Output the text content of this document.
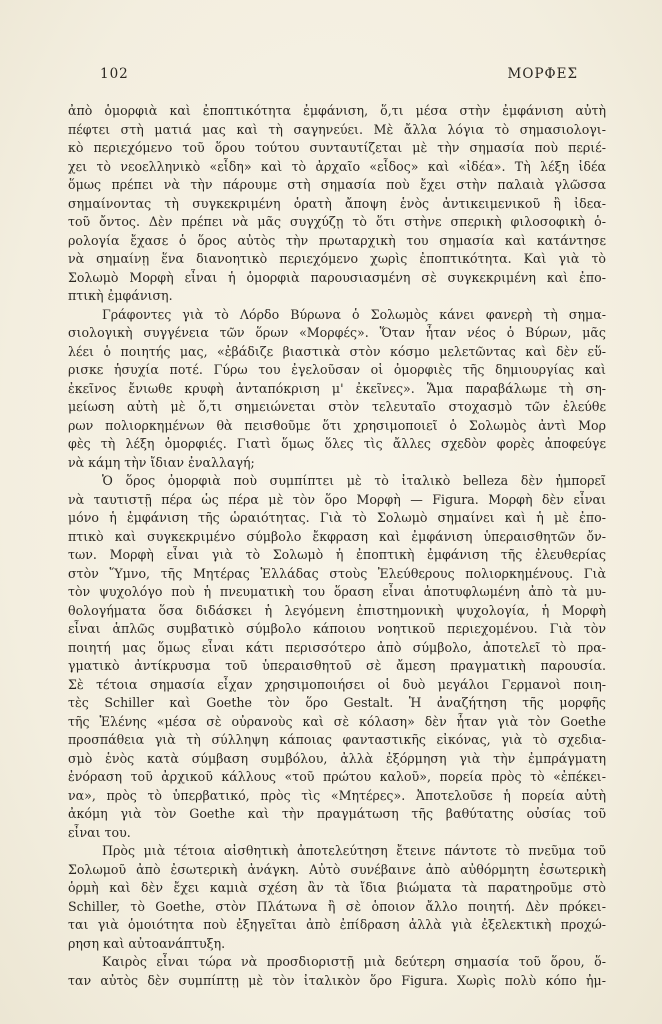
102	ΜΟΡΦΕΣ
ἀπὸ ὁμορφιὰ καὶ ἐποπτικότητα ἐμφάνιση, ὅ,τι μέσα στὴν ἐμφάνιση αὐτὴ
πέφτει στὴ ματιά μας καὶ τὴ σαγηνεύει. Μὲ ἄλλα λόγια τὸ σημασιολογι-
κὸ περιεχόμενο τοῦ ὅρου τούτου συνταυτίζεται μὲ τὴν σημασία ποὺ περιέ-
χει τὸ νεοελληνικὸ «εἶδη» καὶ τὸ ἀρχαῖο «εἶδος» καὶ «ἰδέα». Τὴ λέξη ἰδέα
ὅμως πρέπει νὰ τὴν πάρουμε στὴ σημασία ποὺ ἔχει στὴν παλαιὰ γλῶσσα
σημαίνοντας τὴ συγκεκριμένη ὁρατὴ ἄποψη ἑνὸς ἀντικειμενικοῦ ἢ ἰδεα-
τοῦ ὄντος. Δὲν πρέπει νὰ μᾶς συγχύζῃ τὸ ὅτι στὴνε σπερικὴ φιλοσοφικὴ ὁ-
ρολογία ἔχασε ὁ ὅρος αὐτὸς τὴν πρωταρχικὴ του σημασία καὶ κατάντησε
νὰ σημαίνῃ ἕνα διανοητικὸ περιεχόμενο χωρὶς ἐποπτικότητα. Καὶ γιὰ τὸ
Σολωμὸ Μορφὴ εἶναι ἡ ὁμορφιὰ παρουσιασμένη σὲ συγκεκριμένη καὶ ἐπο-
πτικὴ ἐμφάνιση.
Γράφοντες γιὰ τὸ Λόρδο Βύρωνα ὁ Σολωμὸς κάνει φανερὴ τὴ σημα-
σιολογικὴ συγγένεια τῶν ὅρων «Μορφές». Ὅταν ἦταν νέος ὁ Βύρων, μᾶς
λέει ὁ ποιητής μας, «ἐβάδιζε βιαστικὰ στὸν κόσμο μελετῶντας καὶ δὲν εὕ-
ρισκε ἡσυχία ποτέ. Γύρω του ἐγελοῦσαν οἱ ὀμορφιὲς τῆς δημιουργίας καὶ
ἐκεῖνος ἔνιωθε κρυφὴ ἀνταπόκριση μ' ἐκεῖνες». Ἅμα παραβάλωμε τὴ ση-
μείωση αὐτὴ μὲ ὅ,τι σημειώνεται στὸν τελευταῖο στοχασμὸ τῶν ἐλεύθε
ρων πολιορκημένων θὰ πεισθοῦμε ὅτι χρησιμοποιεῖ ὁ Σολωμὸς ἀντὶ Μορ
φὲς τὴ λέξη ὀμορφιές. Γιατὶ ὅμως ὅλες τὶς ἄλλες σχεδὸν φορὲς ἀποφεύγε
νὰ κάμη τὴν ἴδιαν ἐναλλαγή;
Ὁ ὅρος ὀμορφιὰ ποὺ συμπίπτει μὲ τὸ ἰταλικὸ belleza δὲν ἠμπορεῖ
νὰ ταυτιστῇ πέρα ὡς πέρα μὲ τὸν ὅρο Μορφὴ — Figura. Μορφὴ δὲν εἶναι
μόνο ἡ ἐμφάνιση τῆς ὡραιότητας. Γιὰ τὸ Σολωμὸ σημαίνει καὶ ἡ μὲ ἐπο-
πτικὸ καὶ συγκεκριμένο σύμβολο ἔκφραση καὶ ἐμφάνιση ὑπεραισθητῶν ὄν-
των. Μορφὴ εἶναι γιὰ τὸ Σολωμὸ ἡ ἐποπτικὴ ἐμφάνιση τῆς ἐλευθερίας
στὸν Ὕμνο, τῆς Μητέρας Ἑλλάδας στοὺς Ἐλεύθερους πολιορκημένους. Γιὰ
τὸν ψυχολόγο ποὺ ἡ πνευματικὴ του ὅραση εἶναι ἀποτυφλωμένη ἀπὸ τὰ μυ-
θολογήματα ὅσα διδάσκει ἡ λεγόμενη ἐπιστημονικὴ ψυχολογία, ἡ Μορφὴ
εἶναι ἁπλῶς συμβατικὸ σύμβολο κάποιου νοητικοῦ περιεχομένου. Γιὰ τὸν
ποιητή μας ὅμως εἶναι κάτι περισσότερο ἀπὸ σύμβολο, ἀποτελεῖ τὸ πρα-
γματικὸ ἀντίκρυσμα τοῦ ὑπεραισθητοῦ σὲ ἄμεση πραγματικὴ παρουσία.
Σὲ τέτοια σημασία εἶχαν χρησιμοποιήσει οἱ δυὸ μεγάλοι Γερμανοὶ ποιη-
τὲς Schiller καὶ Goethe τὸν ὅρο Gestalt. Ἡ ἀναζήτηση τῆς μορφῆς
τῆς Ἑλένης «μέσα σὲ οὐρανοὺς καὶ σὲ κόλαση» δὲν ἦταν γιὰ τὸν Goethe
προσπάθεια γιὰ τὴ σύλληψη κάποιας φανταστικῆς εἰκόνας, γιὰ τὸ σχεδια-
σμὸ ἑνὸς κατὰ σύμβαση συμβόλου, ἀλλὰ ἐξόρμηση γιὰ τὴν ἐμπράγματη
ἐνόραση τοῦ ἀρχικοῦ κάλλους «τοῦ πρώτου καλοῦ», πορεία πρὸς τὸ «ἐπέκει-
να», πρὸς τὸ ὑπερβατικό, πρὸς τὶς «Μητέρες». Ἀποτελοῦσε ἡ πορεία αὐτὴ
ἀκόμη γιὰ τὸν Goethe καὶ τὴν πραγμάτωση τῆς βαθύτατης οὐσίας τοῦ
εἶναι του.
Πρὸς μιὰ τέτοια αἰσθητικὴ ἀποτελεύτηση ἔτεινε πάντοτε τὸ πνεῦμα τοῦ
Σολωμοῦ ἀπὸ ἐσωτερικὴ ἀνάγκη. Αὐτὸ συνέβαινε ἀπὸ αὐθόρμητη ἐσωτερικὴ
ὁρμὴ καὶ δὲν ἔχει καμιὰ σχέση ἂν τὰ ἴδια βιώματα τὰ παρατηροῦμε στὸ
Schiller, τὸ Goethe, στὸν Πλάτωνα ἢ σὲ ὁποιον ἄλλο ποιητή. Δὲν πρόκει-
ται γιὰ ὁμοιότητα ποὺ ἐξηγεῖται ἀπὸ ἐπίδραση ἀλλὰ γιὰ ἐξελεκτικὴ προχώ-
ρηση καὶ αὐτοανάπτυξη.
Καιρὸς εἶναι τώρα νὰ προσδιοριστῇ μιὰ δεύτερη σημασία τοῦ ὅρου, ὅ-
ταν αὐτὸς δὲν συμπίπτῃ μὲ τὸν ἰταλικὸν ὅρο Figura. Χωρὶς πολὺ κόπο ἠμ-
